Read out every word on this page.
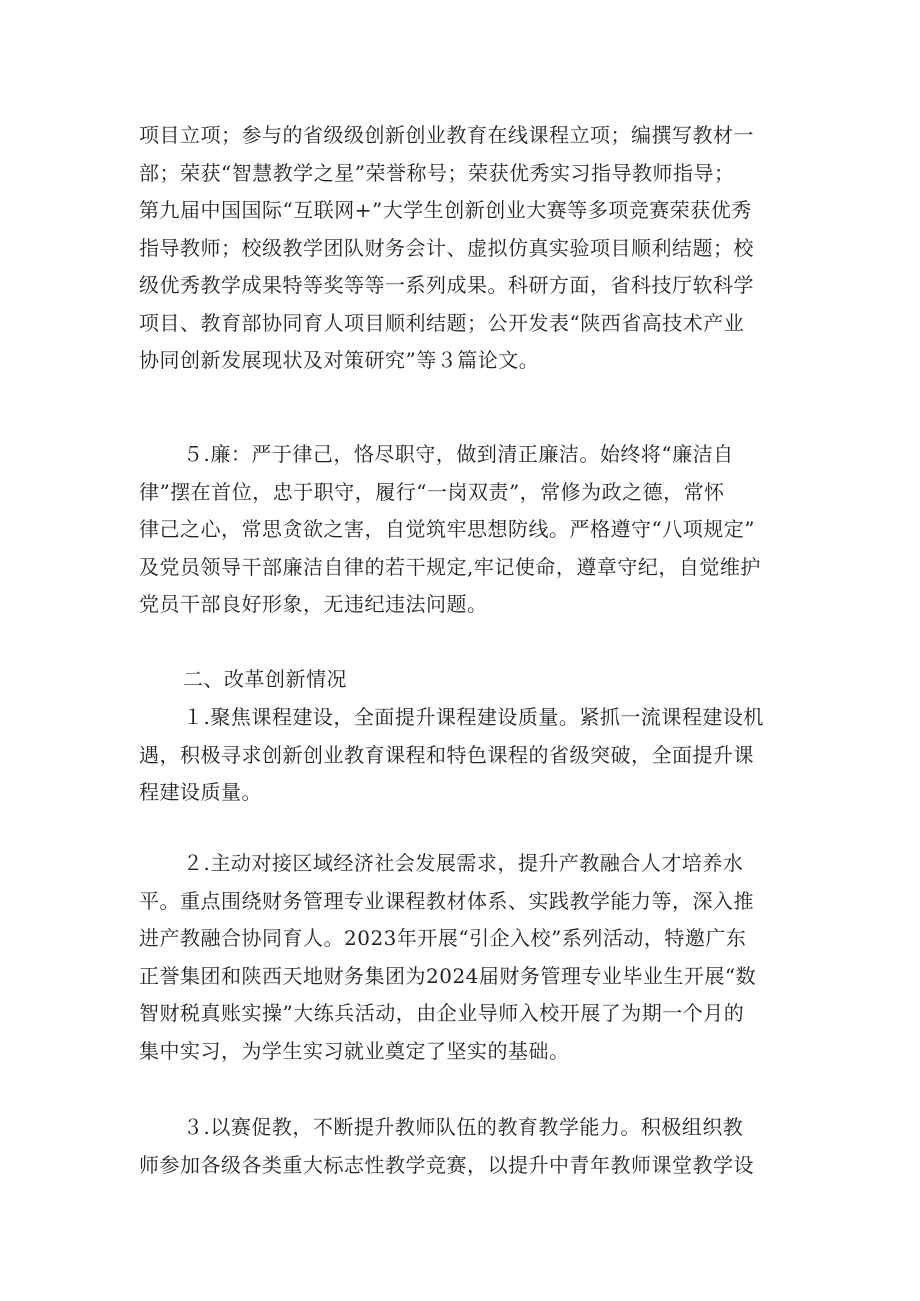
项目立项；参与的省级级创新创业教育在线课程立项；编撰写教材一
部；荣获“智慧教学之星”荣誉称号；荣获优秀实习指导教师指导；
第九届中国国际“互联网+”大学生创新创业大赛等多项竞赛荣获优秀
指导教师；校级教学团队财务会计、虚拟仿真实验项目顺利结题；校
级优秀教学成果特等奖等等一系列成果。科研方面，省科技厅软科学
项目、教育部协同育人项目顺利结题；公开发表“陕西省高技术产业
协同创新发展现状及对策研究”等３篇论文。
５.廉：严于律己，恪尽职守，做到清正廉洁。始终将“廉洁自
律”摆在首位，忠于职守，履行“一岗双责”，常修为政之德，常怀
律己之心，常思贪欲之害，自觉筑牢思想防线。严格遵守“八项规定”
及党员领导干部廉洁自律的若干规定,牢记使命，遵章守纪，自觉维护
党员干部良好形象，无违纪违法问题。
二、改革创新情况
１.聚焦课程建设，全面提升课程建设质量。紧抓一流课程建设机
遇，积极寻求创新创业教育课程和特色课程的省级突破，全面提升课
程建设质量。
２.主动对接区域经济社会发展需求，提升产教融合人才培养水
平。重点围绕财务管理专业课程教材体系、实践教学能力等，深入推
进产教融合协同育人。2023年开展“引企入校”系列活动，特邀广东
正誉集团和陕西天地财务集团为2024届财务管理专业毕业生开展“数
智财税真账实操”大练兵活动，由企业导师入校开展了为期一个月的
集中实习，为学生实习就业奠定了坚实的基础。
３.以赛促教，不断提升教师队伍的教育教学能力。积极组织教
师参加各级各类重大标志性教学竞赛，以提升中青年教师课堂教学设
